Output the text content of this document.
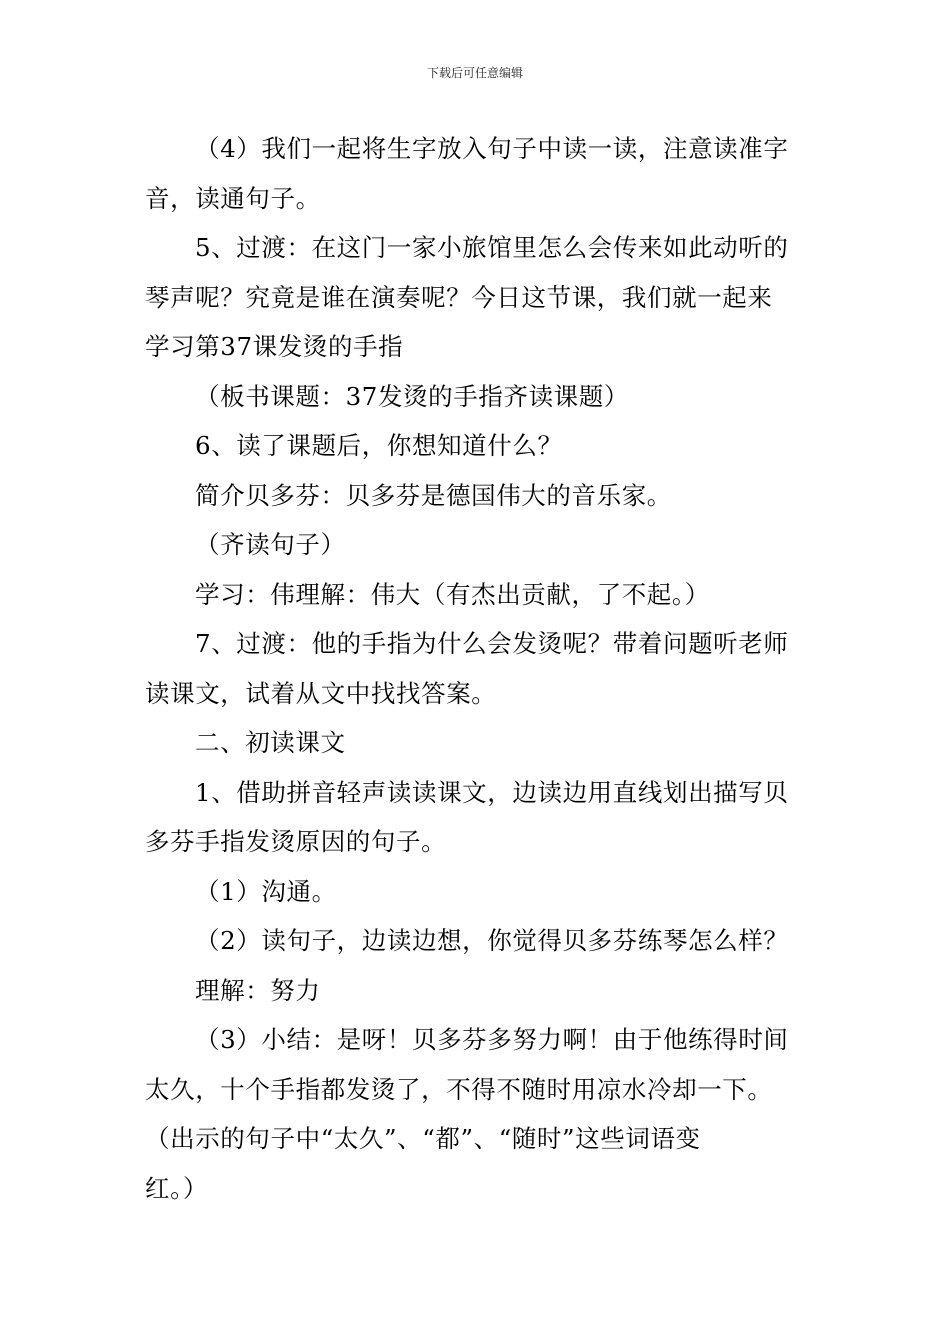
下载后可任意编辑
（4）我们一起将生字放入句子中读一读，注意读准字
音，读通句子。
5、过渡：在这门一家小旅馆里怎么会传来如此动听的
琴声呢？究竟是谁在演奏呢？今日这节课，我们就一起来
学习第37课发烫的手指
（板书课题：37发烫的手指齐读课题）
6、读了课题后，你想知道什么？
简介贝多芬：贝多芬是德国伟大的音乐家。
（齐读句子）
学习：伟理解：伟大（有杰出贡献，了不起。）
7、过渡：他的手指为什么会发烫呢？带着问题听老师
读课文，试着从文中找找答案。
二、初读课文
1、借助拼音轻声读读课文，边读边用直线划出描写贝
多芬手指发烫原因的句子。
（1）沟通。
（2）读句子，边读边想，你觉得贝多芬练琴怎么样？
理解：努力
（3）小结：是呀！贝多芬多努力啊！由于他练得时间
太久，十个手指都发烫了，不得不随时用凉水冷却一下。
（出示的句子中“太久”、“都”、“随时”这些词语变
红。）
